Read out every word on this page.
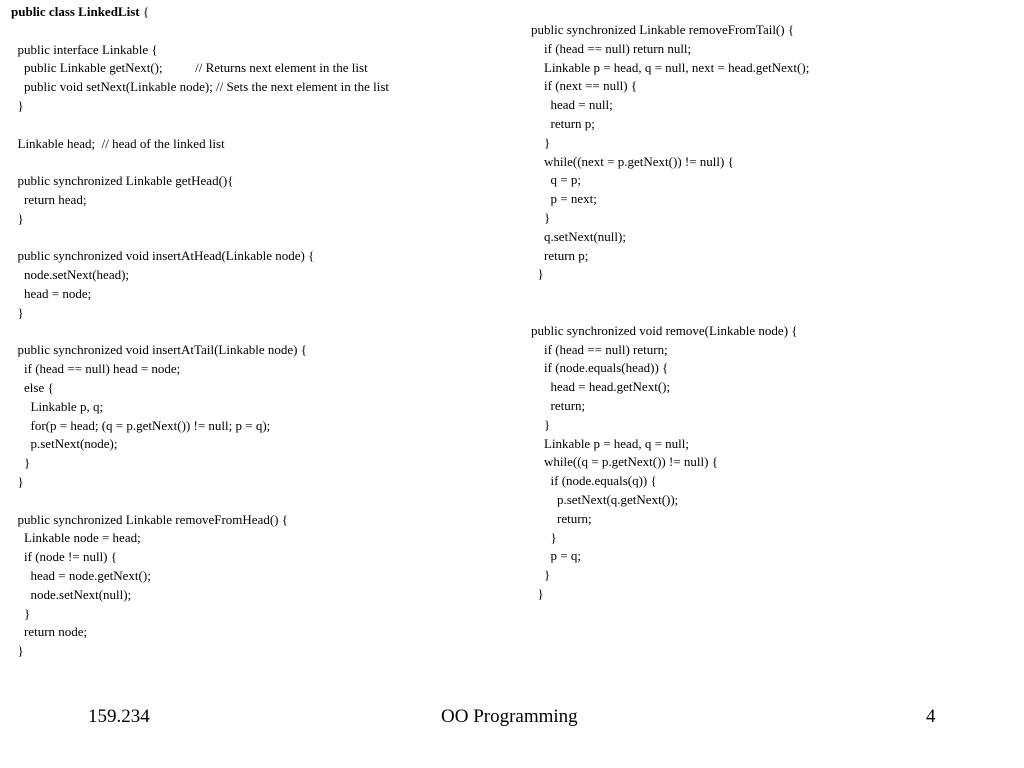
public class LinkedList {

public interface Linkable {
public Linkable getNext();          // Returns next element in the list
public void setNext(Linkable node); // Sets the next element in the list
}

Linkable head;  // head of the linked list

public synchronized Linkable getHead(){
return head;
}

public synchronized void insertAtHead(Linkable node) {
node.setNext(head);
head = node;
}

public synchronized void insertAtTail(Linkable node) {
if (head == null) head = node;
else {
Linkable p, q;
for(p = head; (q = p.getNext()) != null; p = q);
p.setNext(node);
}
}

public synchronized Linkable removeFromHead() {
Linkable node = head;
if (node != null) {
head = node.getNext();
node.setNext(null);
}
return node;
}
public synchronized Linkable removeFromTail() {
if (head == null) return null;
Linkable p = head, q = null, next = head.getNext();
if (next == null) {
head = null;
return p;
}
while((next = p.getNext()) != null) {
q = p;
p = next;
}
q.setNext(null);
return p;
}

public synchronized void remove(Linkable node) {
if (head == null) return;
if (node.equals(head)) {
head = head.getNext();
return;
}
Linkable p = head, q = null;
while((q = p.getNext()) != null) {
if (node.equals(q)) {
p.setNext(q.getNext());
return;
}
p = q;
}
}
159.234	OO Programming	4
